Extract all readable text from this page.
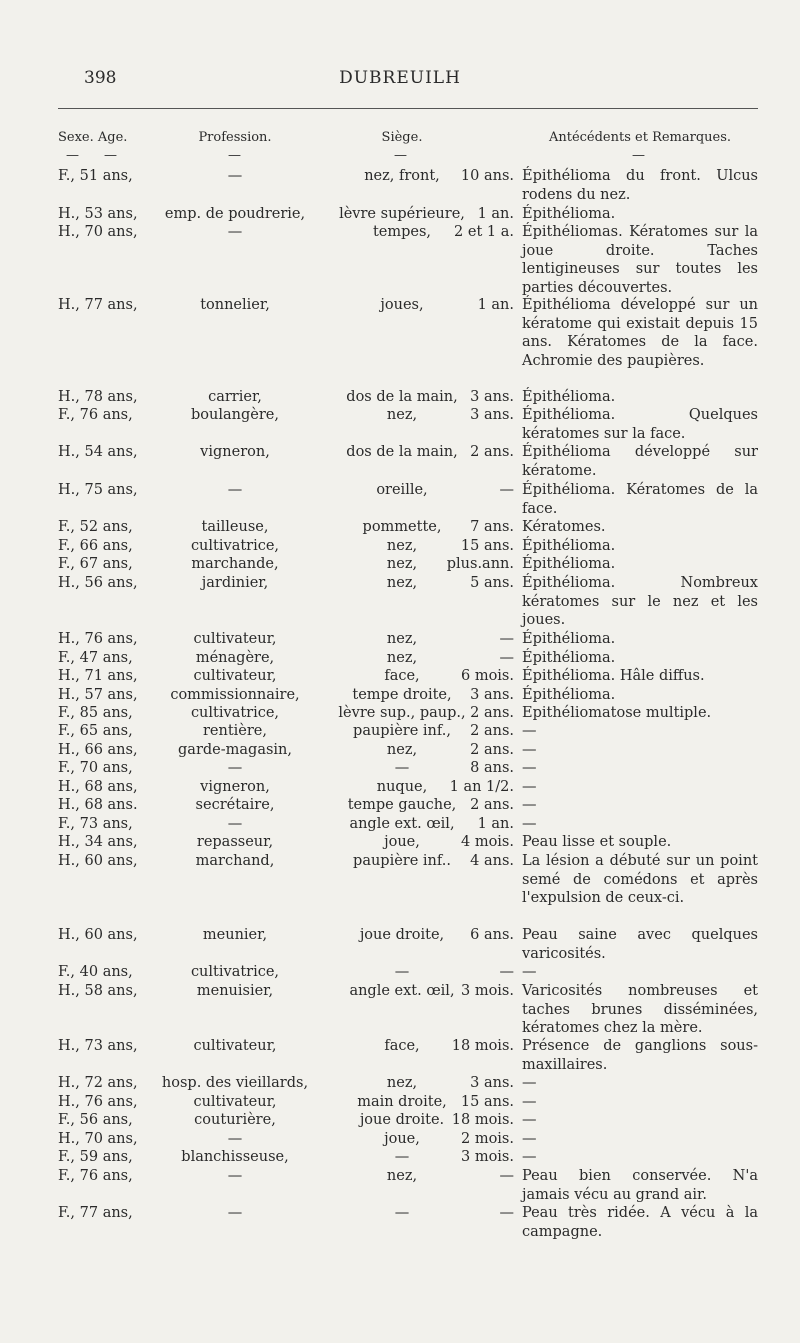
398	DUBREUILH
Sexe. Age.	Profession.	Siège.	Antécédents et Remarques.
— —	—	—	—
F., 51 ans,	—	nez, front,	10 ans. Épithélioma du front. Ulcus rodens du nez.
H., 53 ans,	emp. de poudrerie,	lèvre supérieure, 1 an. Épithélioma.
H., 70 ans,	—	tempes,	2 et 1 a. Épithéliomas. Kératomes sur la joue droite. Taches lentigineuses sur toutes les parties découvertes.
H., 77 ans,	tonnelier,	joues,	1 an. Épithélioma développé sur un kératome qui existait depuis 15 ans. Kératomes de la face. Achromie des paupières.
H., 78 ans,	carrier,	dos de la main, 3 ans. Épithélioma.
F., 76 ans,	boulangère,	nez,	3 ans. Épithélioma. Quelques kératomes sur la face.
H., 54 ans,	vigneron,	dos de la main, 2 ans. Épithélioma développé sur kératome.
H., 75 ans,	—	oreille,	— Épithélioma. Kératomes de la face.
F., 52 ans,	tailleuse,	pommette,	7 ans. Kératomes.
F., 66 ans,	cultivatrice,	nez,	15 ans. Épithélioma.
F., 67 ans,	marchande,	nez,	plus.ann. Épithélioma.
H., 56 ans,	jardinier,	nez,	5 ans. Épithélioma. Nombreux kératomes sur le nez et les joues.
H., 76 ans,	cultivateur,	nez,	— Épithélioma.
F., 47 ans,	ménagère,	nez,	— Épithélioma.
H., 71 ans,	cultivateur,	face,	6 mois. Épithélioma. Hâle diffus.
H., 57 ans,	commissionnaire,	tempe droite,	3 ans. Épithélioma.
F., 85 ans,	cultivatrice,	lèvre sup., paup., 2 ans. Epithéliomatose multiple.
F., 65 ans,	rentière,	paupière inf.,	2 ans. —
H., 66 ans,	garde-magasin,	nez,	2 ans. —
F., 70 ans,	—	—	8 ans. —
H., 68 ans,	vigneron,	nuque,	1 an 1/2. —
H., 68 ans.	secrétaire,	tempe gauche, 2 ans. —
F., 73 ans,	—	angle ext. œil,	1 an. —
H., 34 ans,	repasseur,	joue,	4 mois. Peau lisse et souple.
H., 60 ans,	marchand,	paupière inf..	4 ans. La lésion a débuté sur un point semé de comédons et après l'expulsion de ceux-ci.
H., 60 ans,	meunier,	joue droite,	6 ans. Peau saine avec quelques varicosités.
F., 40 ans,	cultivatrice,	—	— —
H., 58 ans,	menuisier,	angle ext. œil, 3 mois. Varicosités nombreuses et taches brunes disséminées, kératomes chez la mère.
H., 73 ans,	cultivateur,	face,	18 mois. Présence de ganglions sous-maxillaires.
H., 72 ans,	hosp. des vieillards,	nez,	3 ans. —
H., 76 ans,	cultivateur,	main droite, 15 ans. —
F., 56 ans,	couturière,	joue droite. 18 mois. —
H., 70 ans,	—	joue,	2 mois. —
F., 59 ans,	blanchisseuse,	—	3 mois. —
F., 76 ans,	—	nez,	— Peau bien conservée. N'a jamais vécu au grand air.
F., 77 ans,	—	—	— Peau très ridée. A vécu à la campagne.
